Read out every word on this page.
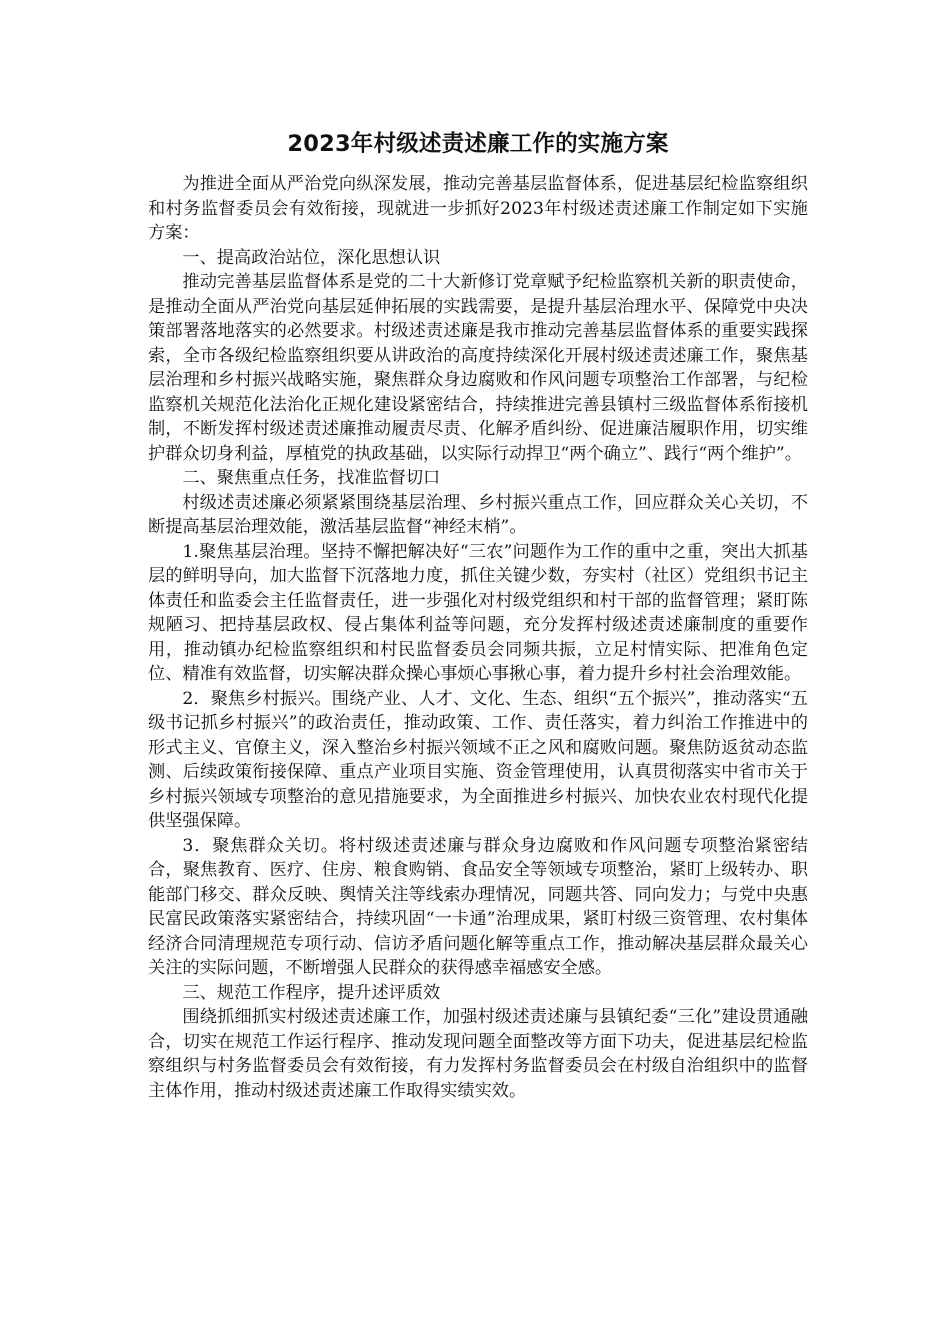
2023年村级述责述廉工作的实施方案

为推进全面从严治党向纵深发展，推动完善基层监督体系，促进基层纪检监察组织和村务监督委员会有效衔接，现就进一步抓好2023年村级述责述廉工作制定如下实施方案：

一、提高政治站位，深化思想认识

推动完善基层监督体系是党的二十大新修订党章赋予纪检监察机关新的职责使命，是推动全面从严治党向基层延伸拓展的实践需要，是提升基层治理水平、保障党中央决策部署落地落实的必然要求。村级述责述廉是我市推动完善基层监督体系的重要实践探索，全市各级纪检监察组织要从讲政治的高度持续深化开展村级述责述廉工作，聚焦基层治理和乡村振兴战略实施，聚焦群众身边腐败和作风问题专项整治工作部署，与纪检监察机关规范化法治化正规化建设紧密结合，持续推进完善县镇村三级监督体系衔接机制，不断发挥村级述责述廉推动履责尽责、化解矛盾纠纷、促进廉洁履职作用，切实维护群众切身利益，厚植党的执政基础，以实际行动捍卫“两个确立”、践行“两个维护”。

二、聚焦重点任务，找准监督切口

村级述责述廉必须紧紧围绕基层治理、乡村振兴重点工作，回应群众关心关切，不断提高基层治理效能，激活基层监督“神经末梢”。

1.聚焦基层治理。坚持不懈把解决好“三农”问题作为工作的重中之重，突出大抓基层的鲜明导向，加大监督下沉落地力度，抓住关键少数，夯实村（社区）党组织书记主体责任和监委会主任监督责任，进一步强化对村级党组织和村干部的监督管理；紧盯陈规陋习、把持基层政权、侵占集体利益等问题，充分发挥村级述责述廉制度的重要作用，推动镇办纪检监察组织和村民监督委员会同频共振，立足村情实际、把准角色定位、精准有效监督，切实解决群众操心事烦心事揪心事，着力提升乡村社会治理效能。

2．聚焦乡村振兴。围绕产业、人才、文化、生态、组织“五个振兴”，推动落实“五级书记抓乡村振兴”的政治责任，推动政策、工作、责任落实，着力纠治工作推进中的形式主义、官僚主义，深入整治乡村振兴领域不正之风和腐败问题。聚焦防返贫动态监测、后续政策衔接保障、重点产业项目实施、资金管理使用，认真贯彻落实中省市关于乡村振兴领域专项整治的意见措施要求，为全面推进乡村振兴、加快农业农村现代化提供坚强保障。

3．聚焦群众关切。将村级述责述廉与群众身边腐败和作风问题专项整治紧密结合，聚焦教育、医疗、住房、粮食购销、食品安全等领域专项整治，紧盯上级转办、职能部门移交、群众反映、舆情关注等线索办理情况，同题共答、同向发力；与党中央惠民富民政策落实紧密结合，持续巩固“一卡通”治理成果，紧盯村级三资管理、农村集体经济合同清理规范专项行动、信访矛盾问题化解等重点工作，推动解决基层群众最关心关注的实际问题，不断增强人民群众的获得感幸福感安全感。

三、规范工作程序，提升述评质效

围绕抓细抓实村级述责述廉工作，加强村级述责述廉与县镇纪委“三化”建设贯通融合，切实在规范工作运行程序、推动发现问题全面整改等方面下功夫，促进基层纪检监察组织与村务监督委员会有效衔接，有力发挥村务监督委员会在村级自治组织中的监督主体作用，推动村级述责述廉工作取得实绩实效。
